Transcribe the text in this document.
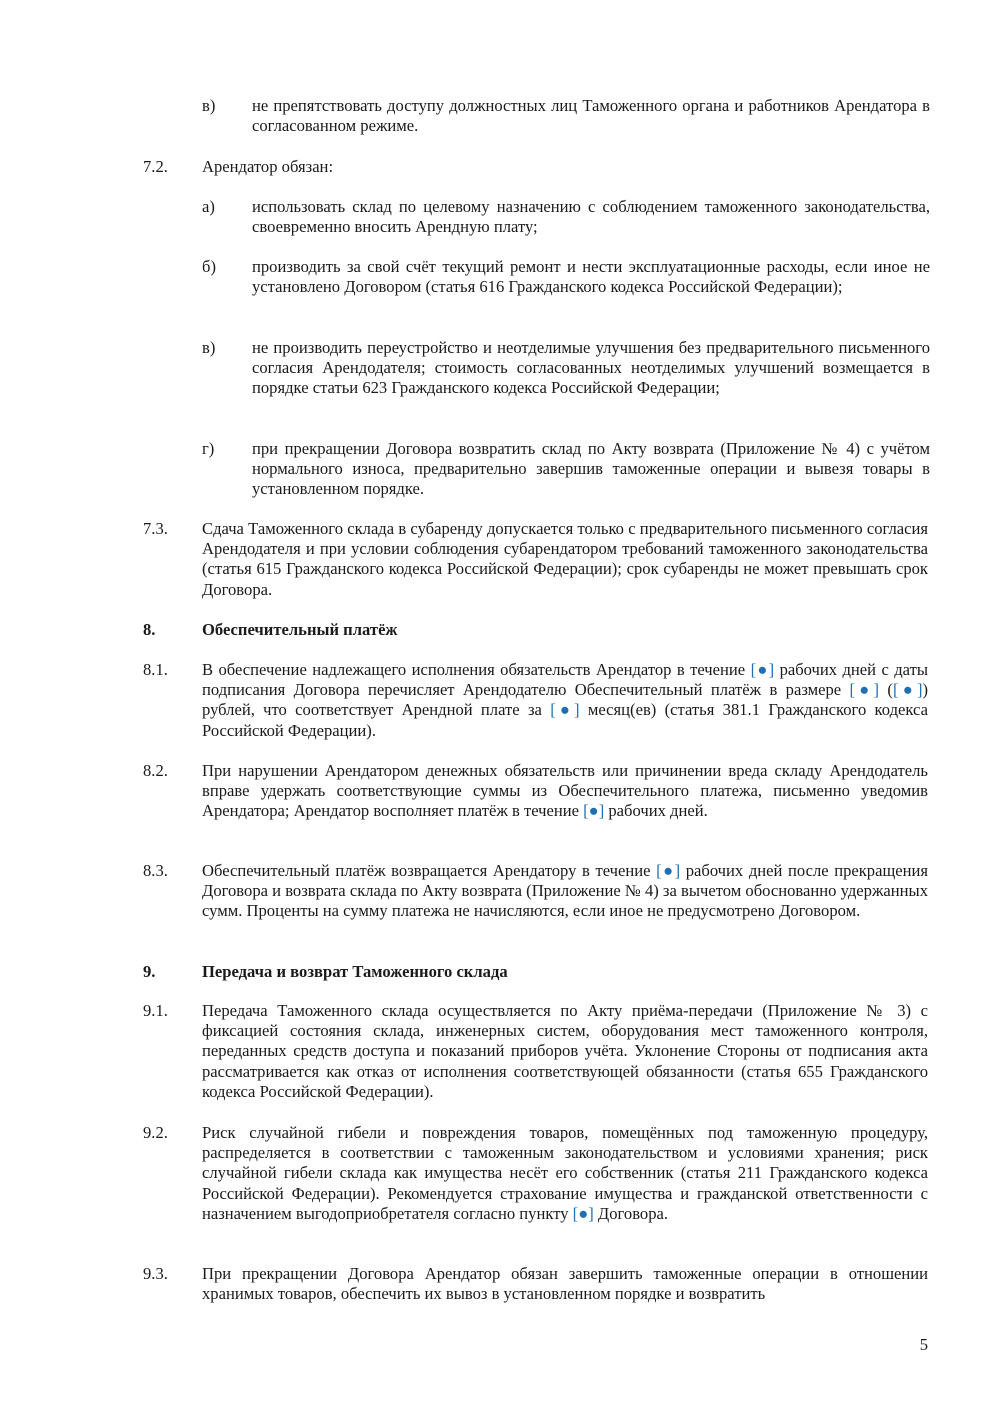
в)	не препятствовать доступу должностных лиц Таможенного органа и работников Арендатора в согласованном режиме.
7.2.	Арендатор обязан:
а)	использовать склад по целевому назначению с соблюдением таможенного законодательства, своевременно вносить Арендную плату;
б)	производить за свой счёт текущий ремонт и нести эксплуатационные расходы, если иное не установлено Договором (статья 616 Гражданского кодекса Российской Федерации);
в)	не производить переустройство и неотделимые улучшения без предварительного письменного согласия Арендодателя; стоимость согласованных неотделимых улучшений возмещается в порядке статьи 623 Гражданского кодекса Российской Федерации;
г)	при прекращении Договора возвратить склад по Акту возврата (Приложение № 4) с учётом нормального износа, предварительно завершив таможенные операции и вывезя товары в установленном порядке.
7.3.	Сдача Таможенного склада в субаренду допускается только с предварительного письменного согласия Арендодателя и при условии соблюдения субарендатором требований таможенного законодательства (статья 615 Гражданского кодекса Российской Федерации); срок субаренды не может превышать срок Договора.
8.	Обеспечительный платёж
8.1.	В обеспечение надлежащего исполнения обязательств Арендатор в течение [●] рабочих дней с даты подписания Договора перечисляет Арендодателю Обеспечительный платёж в размере [●] ([●]) рублей, что соответствует Арендной плате за [●] месяц(ев) (статья 381.1 Гражданского кодекса Российской Федерации).
8.2.	При нарушении Арендатором денежных обязательств или причинении вреда складу Арендодатель вправе удержать соответствующие суммы из Обеспечительного платежа, письменно уведомив Арендатора; Арендатор восполняет платёж в течение [●] рабочих дней.
8.3.	Обеспечительный платёж возвращается Арендатору в течение [●] рабочих дней после прекращения Договора и возврата склада по Акту возврата (Приложение № 4) за вычетом обоснованно удержанных сумм. Проценты на сумму платежа не начисляются, если иное не предусмотрено Договором.
9.	Передача и возврат Таможенного склада
9.1.	Передача Таможенного склада осуществляется по Акту приёма-передачи (Приложение № 3) с фиксацией состояния склада, инженерных систем, оборудования мест таможенного контроля, переданных средств доступа и показаний приборов учёта. Уклонение Стороны от подписания акта рассматривается как отказ от исполнения соответствующей обязанности (статья 655 Гражданского кодекса Российской Федерации).
9.2.	Риск случайной гибели и повреждения товаров, помещённых под таможенную процедуру, распределяется в соответствии с таможенным законодательством и условиями хранения; риск случайной гибели склада как имущества несёт его собственник (статья 211 Гражданского кодекса Российской Федерации). Рекомендуется страхование имущества и гражданской ответственности с назначением выгодоприобретателя согласно пункту [●] Договора.
9.3.	При прекращении Договора Арендатор обязан завершить таможенные операции в отношении хранимых товаров, обеспечить их вывоз в установленном порядке и возвратить
5
